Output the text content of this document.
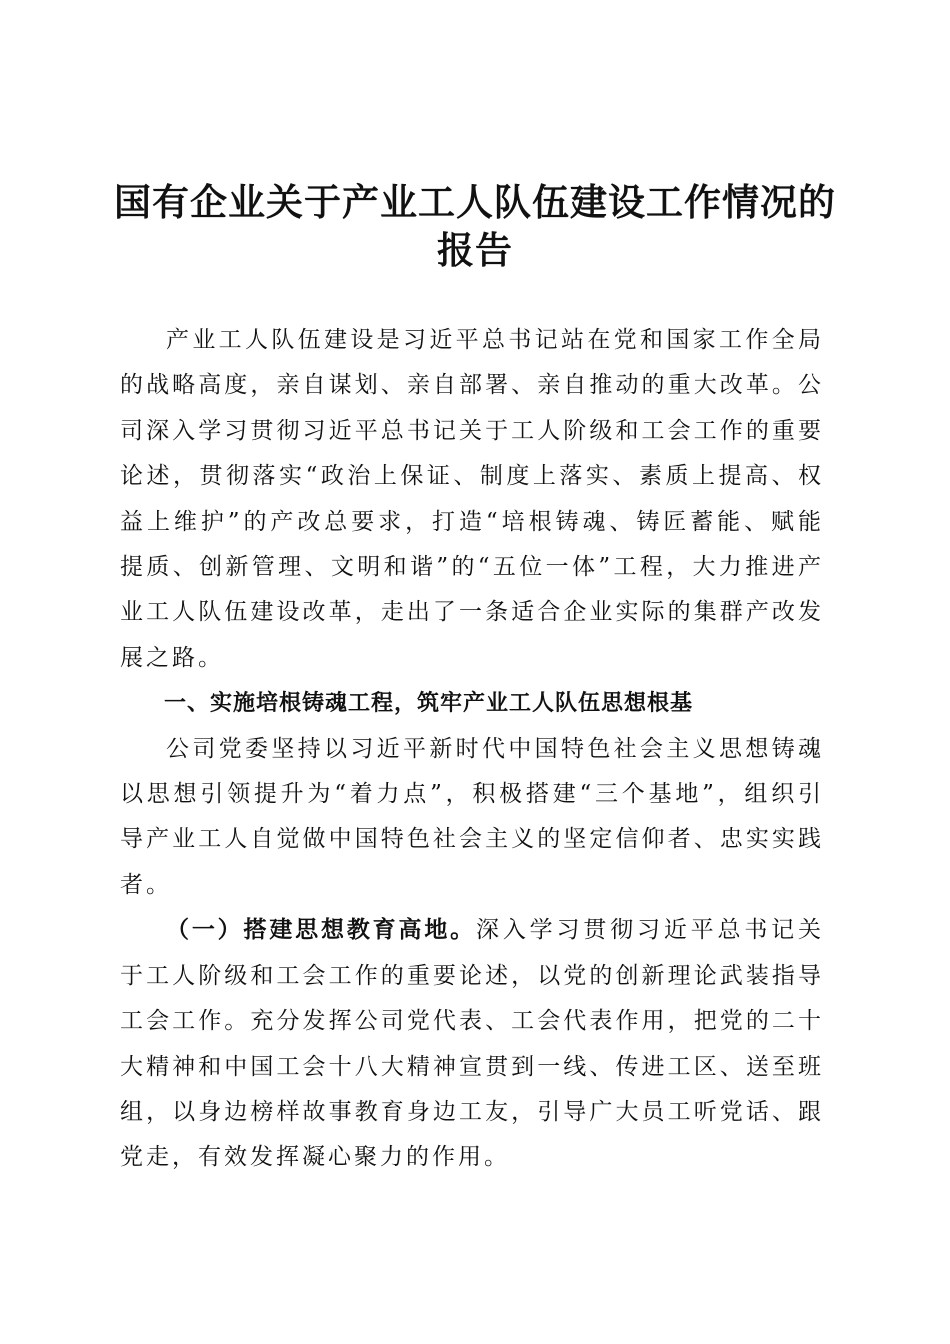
国有企业关于产业工人队伍建设工作情况的报告

产业工人队伍建设是习近平总书记站在党和国家工作全局的战略高度，亲自谋划、亲自部署、亲自推动的重大改革。公司深入学习贯彻习近平总书记关于工人阶级和工会工作的重要论述，贯彻落实“政治上保证、制度上落实、素质上提高、权益上维护”的产改总要求，打造“培根铸魂、铸匠蓄能、赋能提质、创新管理、文明和谐”的“五位一体”工程，大力推进产业工人队伍建设改革，走出了一条适合企业实际的集群产改发展之路。

一、实施培根铸魂工程，筑牢产业工人队伍思想根基

公司党委坚持以习近平新时代中国特色社会主义思想铸魂以思想引领提升为“着力点”，积极搭建“三个基地”，组织引导产业工人自觉做中国特色社会主义的坚定信仰者、忠实实践者。

（一）搭建思想教育高地。深入学习贯彻习近平总书记关于工人阶级和工会工作的重要论述，以党的创新理论武装指导工会工作。充分发挥公司党代表、工会代表作用，把党的二十大精神和中国工会十八大精神宣贯到一线、传进工区、送至班组，以身边榜样故事教育身边工友，引导广大员工听党话、跟党走，有效发挥凝心聚力的作用。
